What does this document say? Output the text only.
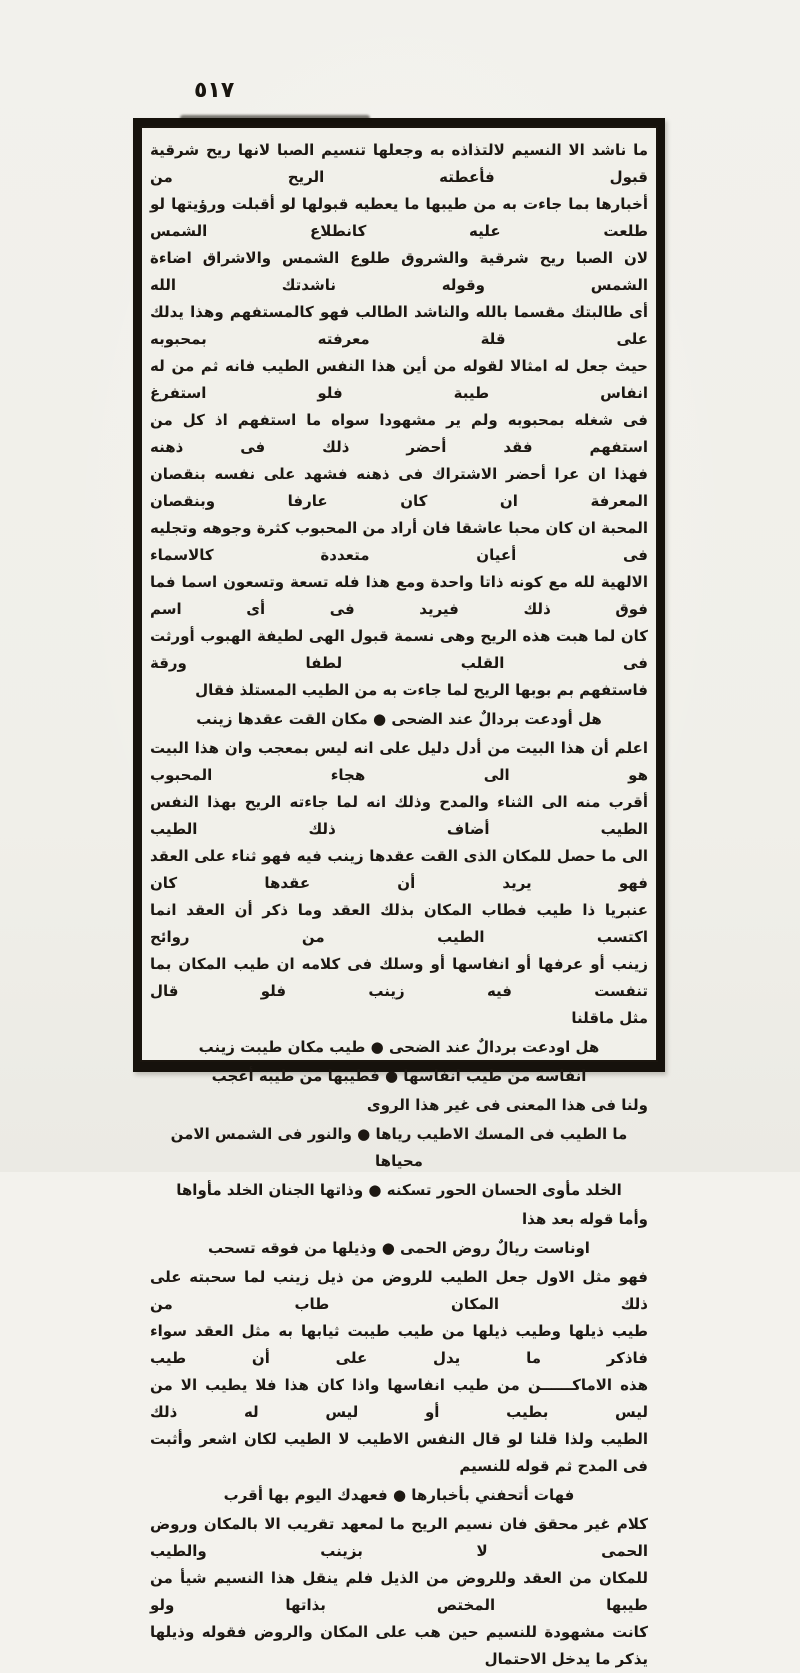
٥١٧
ما ناشد الا النسيم لالتذاذه به وجعلها تنسيم الصبا لانها ريح شرقية قبول فأعطته الريح من
أخبارها بما جاءت به من طيبها ما يعطيه قبولها لو أقبلت ورؤيتها لو طلعت عليه كانطلاع الشمس
لان الصبا ريح شرقية والشروق طلوع الشمس والاشراق اضاءة الشمس وقوله ناشدتك الله
أى طالبتك مقسما بالله والناشد الطالب فهو كالمستفهم وهذا يدلك على قلة معرفته بمحبوبه
حيث جعل له امثالا لقوله من أين هذا النفس الطيب فانه ثم من له انفاس طيبة فلو استفرغ
فى شغله بمحبوبه ولم ير مشهودا سواه ما استفهم اذ كل من استفهم فقد أحضر ذلك فى ذهنه
فهذا ان عرا أحضر الاشتراك فى ذهنه فشهد على نفسه بنقصان المعرفة ان كان عارفا وبنقصان
المحبة ان كان محبا عاشقا فان أراد من المحبوب كثرة وجوهه وتجليه فى أعيان متعددة كالاسماء
الالهية لله مع كونه ذاتا واحدة ومع هذا فله تسعة وتسعون اسما فما فوق ذلك فيريد فى أى اسم
كان لما هبت هذه الريح وهى نسمة قبول الهى لطيفة الهبوب أورثت فى القلب لطفا ورقة
فاستفهم بم بوبها الريح لما جاءت به من الطيب المستلذ فقال
هل أودعت بردالٌ عند الضحى ● مكان القت عقدها زينب
اعلم أن هذا البيت من أدل دليل على انه ليس بمعجب وان هذا البيت هو الى هجاء المحبوب
أقرب منه الى الثناء والمدح وذلك انه لما جاءته الريح بهذا النفس الطيب أضاف ذلك الطيب
الى ما حصل للمكان الذى القت عقدها زينب فيه فهو ثناء على العقد فهو يريد أن عقدها كان
عنبريا ذا طيب فطاب المكان بذلك العقد وما ذكر أن العقد انما اكتسب الطيب من روائح
زينب أو عرفها أو انفاسها أو وسلك فى كلامه ان طيب المكان بما تنفست فيه زينب فلو قال
مثل ماقلنا
هل اودعت بردالٌ عند الضحى ● طيب مكان طيبت زينب
انفاسه من طيب انفاسها ● فطيبها من طيبه أعجب
ولنا فى هذا المعنى فى غير هذا الروى
ما الطيب فى المسك الاطيب رياها ● والنور فى الشمس الامن محياها
الخلد مأوى الحسان الحور تسكنه ● وذاتها الجنان الخلد مأواها
وأما قوله بعد هذا
اوناست ريالٌ روض الحمى ● وذيلها من فوقه تسحب
فهو مثل الاول جعل الطيب للروض من ذيل زينب لما سحبته على ذلك المكان طاب من
طيب ذيلها وطيب ذيلها من طيب طيبت ثيابها به مثل العقد سواء فاذكر ما يدل على أن طيب
هذه الاماكــــــن من طيب انفاسها واذا كان هذا فلا يطيب الا من ليس بطيب أو ليس له ذلك
الطيب ولذا قلنا لو قال النفس الاطيب لا الطيب لكان اشعر وأثبت فى المدح ثم قوله للنسيم
فهات أتحفني بأخبارها ● فعهدك اليوم بها أقرب
كلام غير محقق فان نسيم الريح ما لمعهد تقريب الا بالمكان وروض الحمى لا بزينب والطيب
للمكان من العقد وللروض من الذيل فلم ينقل هذا النسيم شيأ من طيبها المختص بذاتها ولو
كانت مشهودة للنسيم حين هب على المكان والروض فقوله وذيلها يذكر ما يدخل الاحتمال
